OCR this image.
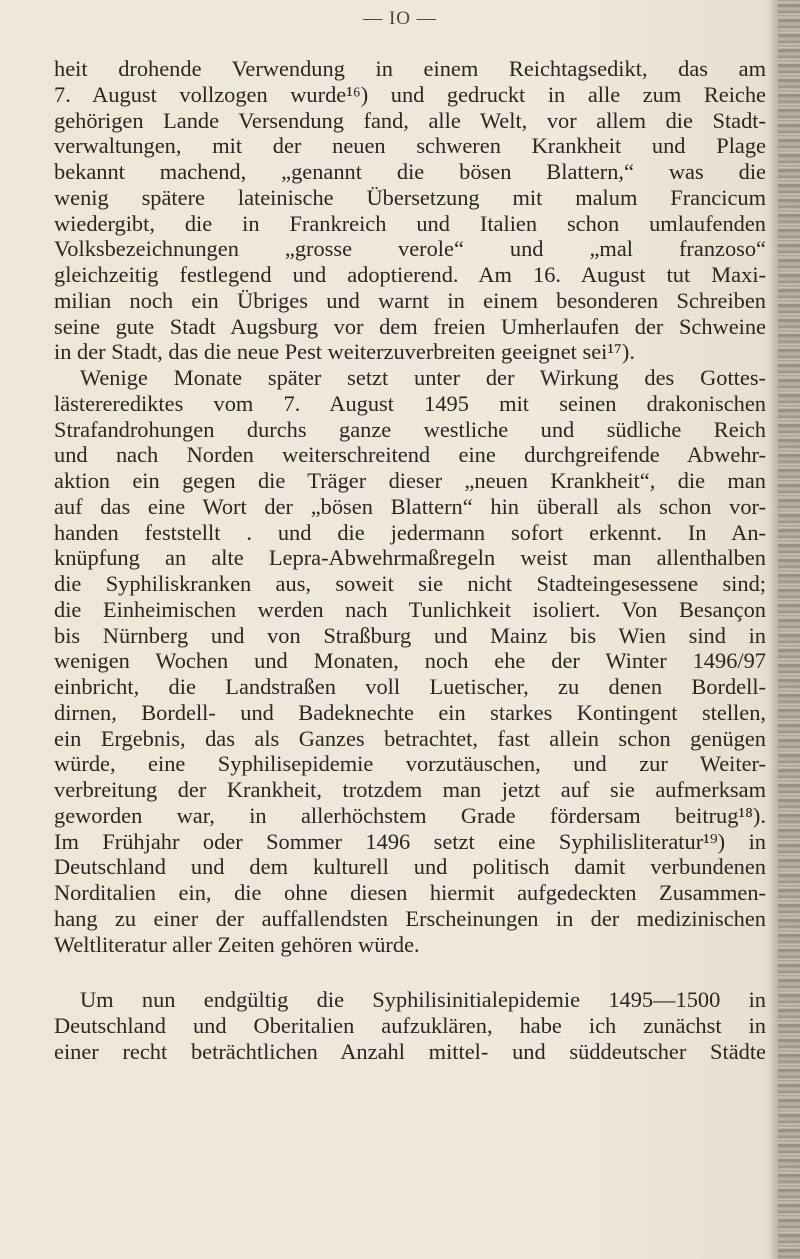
— IO —
heit drohende Verwendung in einem Reichtagsedikt, das am
7. August vollzogen wurde¹⁶) und gedruckt in alle zum Reiche
gehörigen Lande Versendung fand, alle Welt, vor allem die Stadt-
verwaltungen, mit der neuen schweren Krankheit und Plage
bekannt machend, „genannt die bösen Blattern,“ was die
wenig spätere lateinische Übersetzung mit malum Francicum
wiedergibt, die in Frankreich und Italien schon umlaufenden
Volksbezeichnungen „grosse verole“ und „mal franzoso“
gleichzeitig festlegend und adoptierend. Am 16. August tut Maxi-
milian noch ein Übriges und warnt in einem besonderen Schreiben
seine gute Stadt Augsburg vor dem freien Umherlaufen der Schweine
in der Stadt, das die neue Pest weiterzuverbreiten geeignet sei¹⁷).
Wenige Monate später setzt unter der Wirkung des Gottes-
lästererediktes vom 7. August 1495 mit seinen drakonischen
Strafandrohungen durchs ganze westliche und südliche Reich
und nach Norden weiterschreitend eine durchgreifende Abwehr-
aktion ein gegen die Träger dieser „neuen Krankheit“, die man
auf das eine Wort der „bösen Blattern“ hin überall als schon vor-
handen feststellt . und die jedermann sofort erkennt. In An-
knüpfung an alte Lepra-Abwehrmaßregeln weist man allenthalben
die Syphiliskranken aus, soweit sie nicht Stadteingesessene sind;
die Einheimischen werden nach Tunlichkeit isoliert. Von Besançon
bis Nürnberg und von Straßburg und Mainz bis Wien sind in
wenigen Wochen und Monaten, noch ehe der Winter 1496/97
einbricht, die Landstraßen voll Luetischer, zu denen Bordell-
dirnen, Bordell- und Badeknechte ein starkes Kontingent stellen,
ein Ergebnis, das als Ganzes betrachtet, fast allein schon genügen
würde, eine Syphilisepidemie vorzutäuschen, und zur Weiter-
verbreitung der Krankheit, trotzdem man jetzt auf sie aufmerksam
geworden war, in allerhöchstem Grade fördersam beitrug¹⁸).
Im Frühjahr oder Sommer 1496 setzt eine Syphilisliteratur¹⁹) in
Deutschland und dem kulturell und politisch damit verbundenen
Norditalien ein, die ohne diesen hiermit aufgedeckten Zusammen-
hang zu einer der auffallendsten Erscheinungen in der medizinischen
Weltliteratur aller Zeiten gehören würde.
Um nun endgültig die Syphilisinitialepidemie 1495—1500 in
Deutschland und Oberitalien aufzuklären, habe ich zunächst in
einer recht beträchtlichen Anzahl mittel- und süddeutscher Städte
